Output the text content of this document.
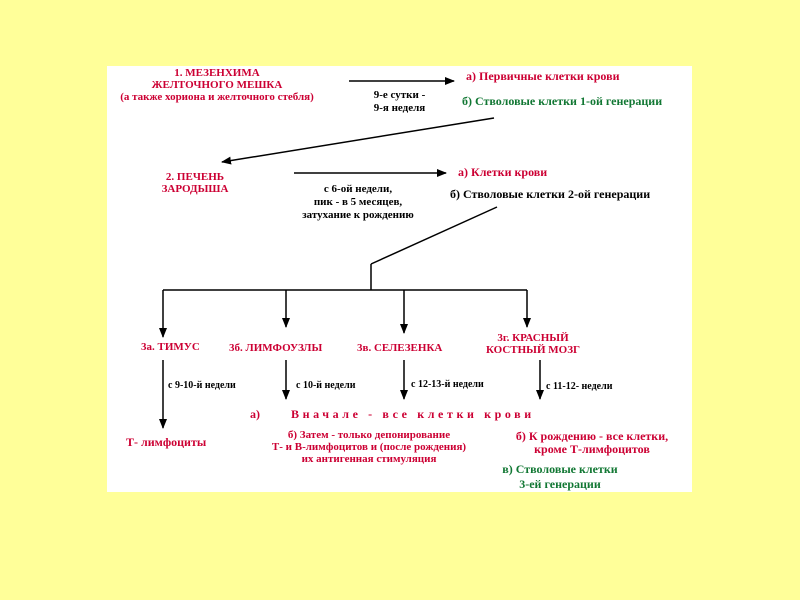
1. МЕЗЕНХИМА
ЖЕЛТОЧНОГО МЕШКА
(а также хориона и желточного стебля)	9-е сутки -
9-я неделя
а) Первичные клетки крови
б) Стволовые клетки 1-ой генерации
2. ПЕЧЕНЬ
ЗАРОДЫША	с 6-ой недели,
пик - в 5 месяцев,
затухание к рождению
а) Клетки крови
б) Стволовые клетки 2-ой генерации
3а. ТИМУС	3б. ЛИМФОУЗЛЫ	3в. СЕЛЕЗЕНКА
3г. КРАСНЫЙ
КОСТНЫЙ МОЗГ
с 9-10-й недели	с 10-й недели	с 12-13-й недели	с 11-12- недели
Т- лимфоциты
а)	Вначале - все клетки крови
б) Затем - только депонирование
Т- и В-лимфоцитов и (после рождения)
их антигенная стимуляция
б) К рождению - все клетки,
кроме Т-лимфоцитов
в) Стволовые клетки
3-ей генерации
